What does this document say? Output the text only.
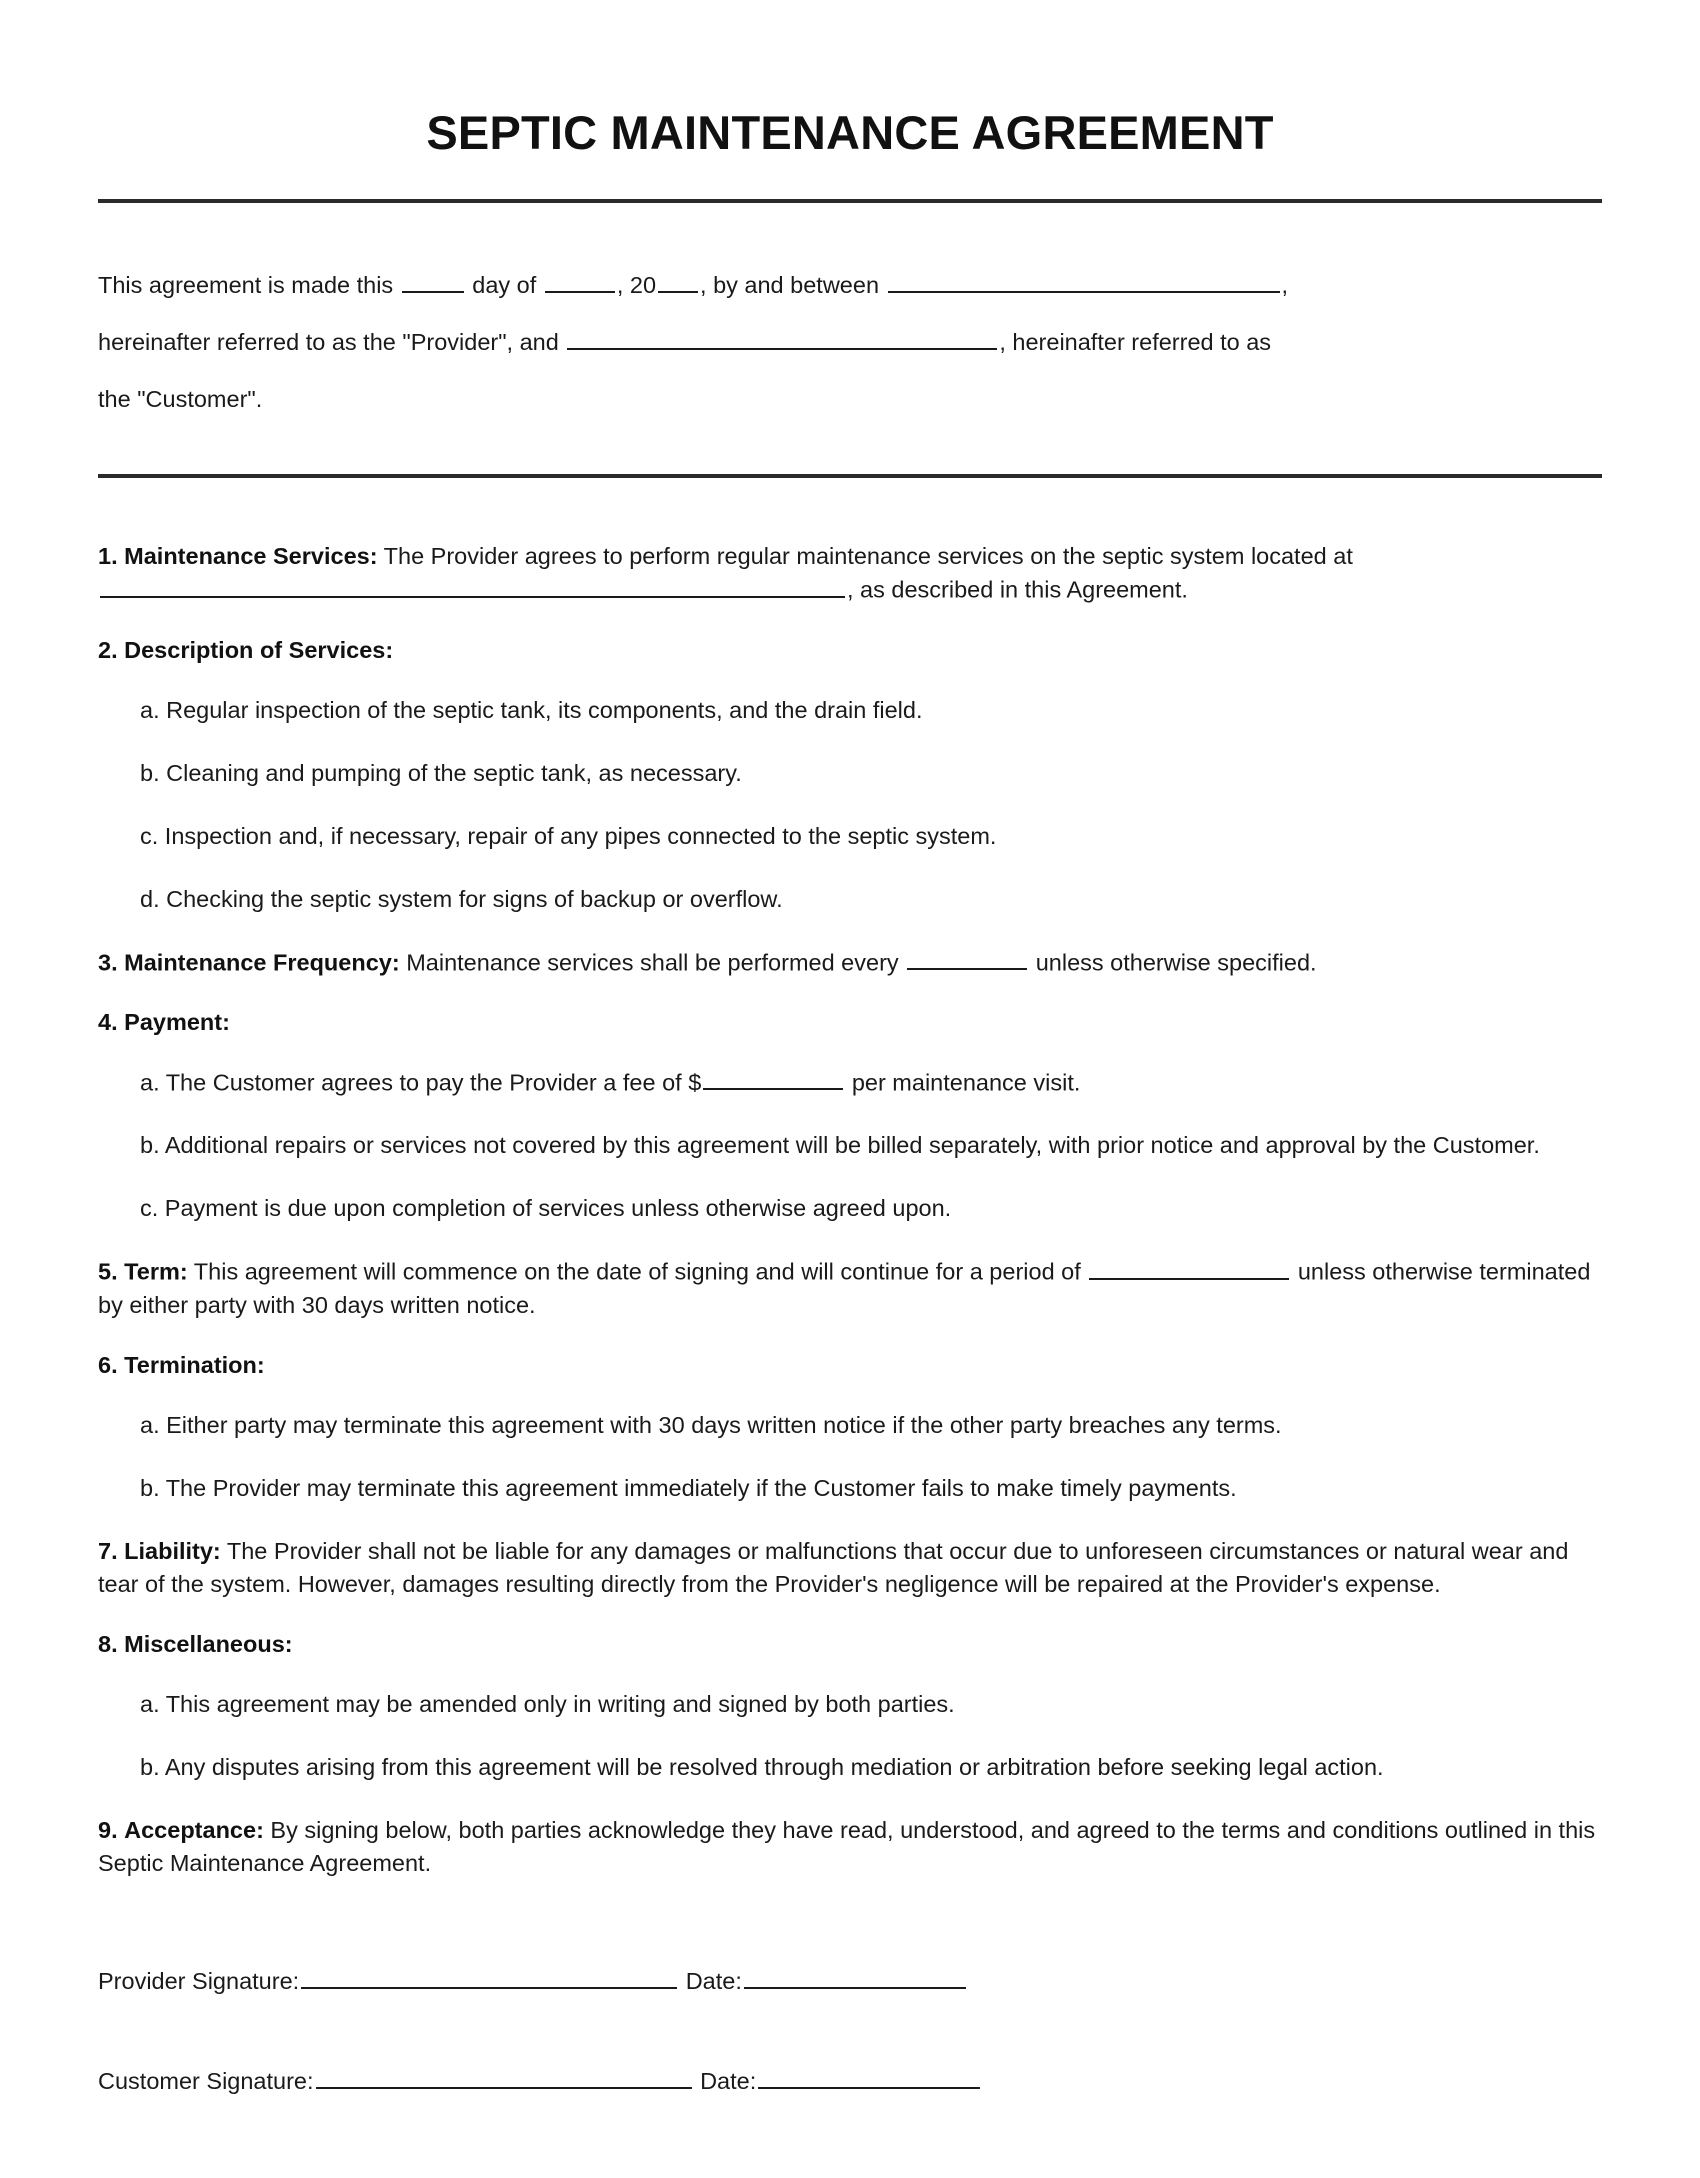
SEPTIC MAINTENANCE AGREEMENT
This agreement is made this	day of	, 20 , by and between	,
hereinafter referred to as the "Provider", and	, hereinafter referred to as
the "Customer".
1. Maintenance Services: The Provider agrees to perform regular maintenance services on the septic system located at, as described in this Agreement.
2. Description of Services:
a. Regular inspection of the septic tank, its components, and the drain field.
b. Cleaning and pumping of the septic tank, as necessary.
c. Inspection and, if necessary, repair of any pipes connected to the septic system.
d. Checking the septic system for signs of backup or overflow.
3. Maintenance Frequency: Maintenance services shall be performed every	unless otherwise specified.
4. Payment:
a. The Customer agrees to pay the Provider a fee of $	per maintenance visit.
b. Additional repairs or services not covered by this agreement will be billed separately, with prior notice and approval by the Customer.
c. Payment is due upon completion of services unless otherwise agreed upon.
5. Term: This agreement will commence on the date of signing and will continue for a period of	unless otherwise terminated by either party with 30 days written notice.
6. Termination:
a. Either party may terminate this agreement with 30 days written notice if the other party breaches any terms.
b. The Provider may terminate this agreement immediately if the Customer fails to make timely payments.
7. Liability: The Provider shall not be liable for any damages or malfunctions that occur due to unforeseen circumstances or natural wear and tear of the system. However, damages resulting directly from the Provider's negligence will be repaired at the Provider's expense.
8. Miscellaneous:
a. This agreement may be amended only in writing and signed by both parties.
b. Any disputes arising from this agreement will be resolved through mediation or arbitration before seeking legal action.
9. Acceptance: By signing below, both parties acknowledge they have read, understood, and agreed to the terms and conditions outlined in this Septic Maintenance Agreement.
Provider Signature:	Date:
Customer Signature:	Date:
